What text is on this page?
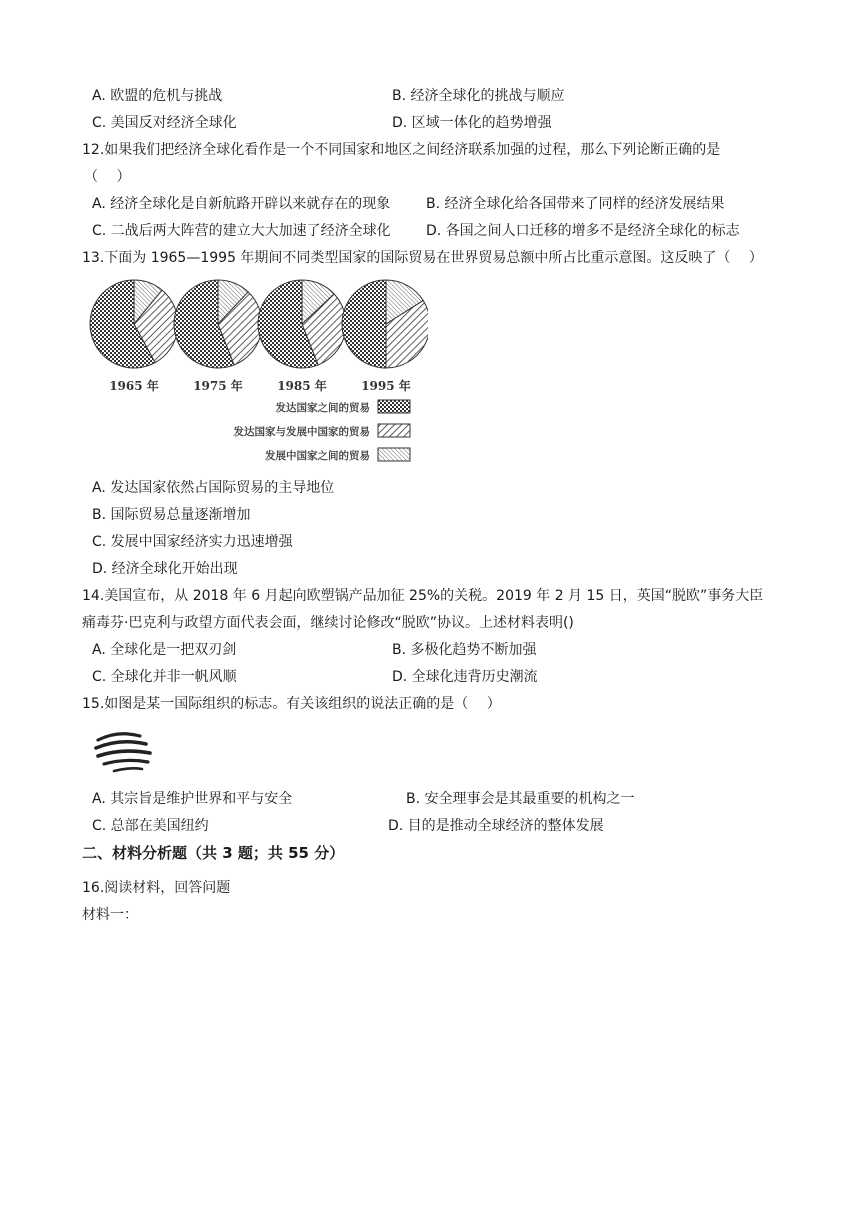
A. 欧盟的危机与挑战	B. 经济全球化的挑战与顺应
C. 美国反对经济全球化	D. 区域一体化的趋势增强
12.如果我们把经济全球化看作是一个不同国家和地区之间经济联系加强的过程，那么下列论断正确的是
（　 ）
A. 经济全球化是自新航路开辟以来就存在的现象	B. 经济全球化给各国带来了同样的经济发展结果
C. 二战后两大阵营的建立大大加速了经济全球化	D. 各国之间人口迁移的增多不是经济全球化的标志
13.下面为 1965—1995 年期间不同类型国家的国际贸易在世界贸易总额中所占比重示意图。这反映了（　 ）
1965 年	1975 年	1985 年	1995 年
发达国家之间的贸易
发达国家与发展中国家的贸易
发展中国家之间的贸易
A. 发达国家依然占国际贸易的主导地位
B. 国际贸易总量逐渐增加
C. 发展中国家经济实力迅速增强
D. 经济全球化开始出现
14.美国宣布，从 2018 年 6 月起向欧塑锅产品加征 25%的关税。2019 年 2 月 15 日，英国“脱欧”事务大臣
痛毒芬·巴克利与政望方面代表会面，继续讨论修改“脱欧”协议。上述材料表明()
A. 全球化是一把双刃剑	B. 多极化趋势不断加强
C. 全球化并非一帆风顺	D. 全球化违背历史潮流
15.如图是某一国际组织的标志。有关该组织的说法正确的是（　 ）
A. 其宗旨是维护世界和平与安全	B. 安全理事会是其最重要的机构之一
C. 总部在美国纽约	D. 目的是推动全球经济的整体发展
二、材料分析题（共 3 题；共 55 分）
16.阅读材料，回答问题
材料一：
